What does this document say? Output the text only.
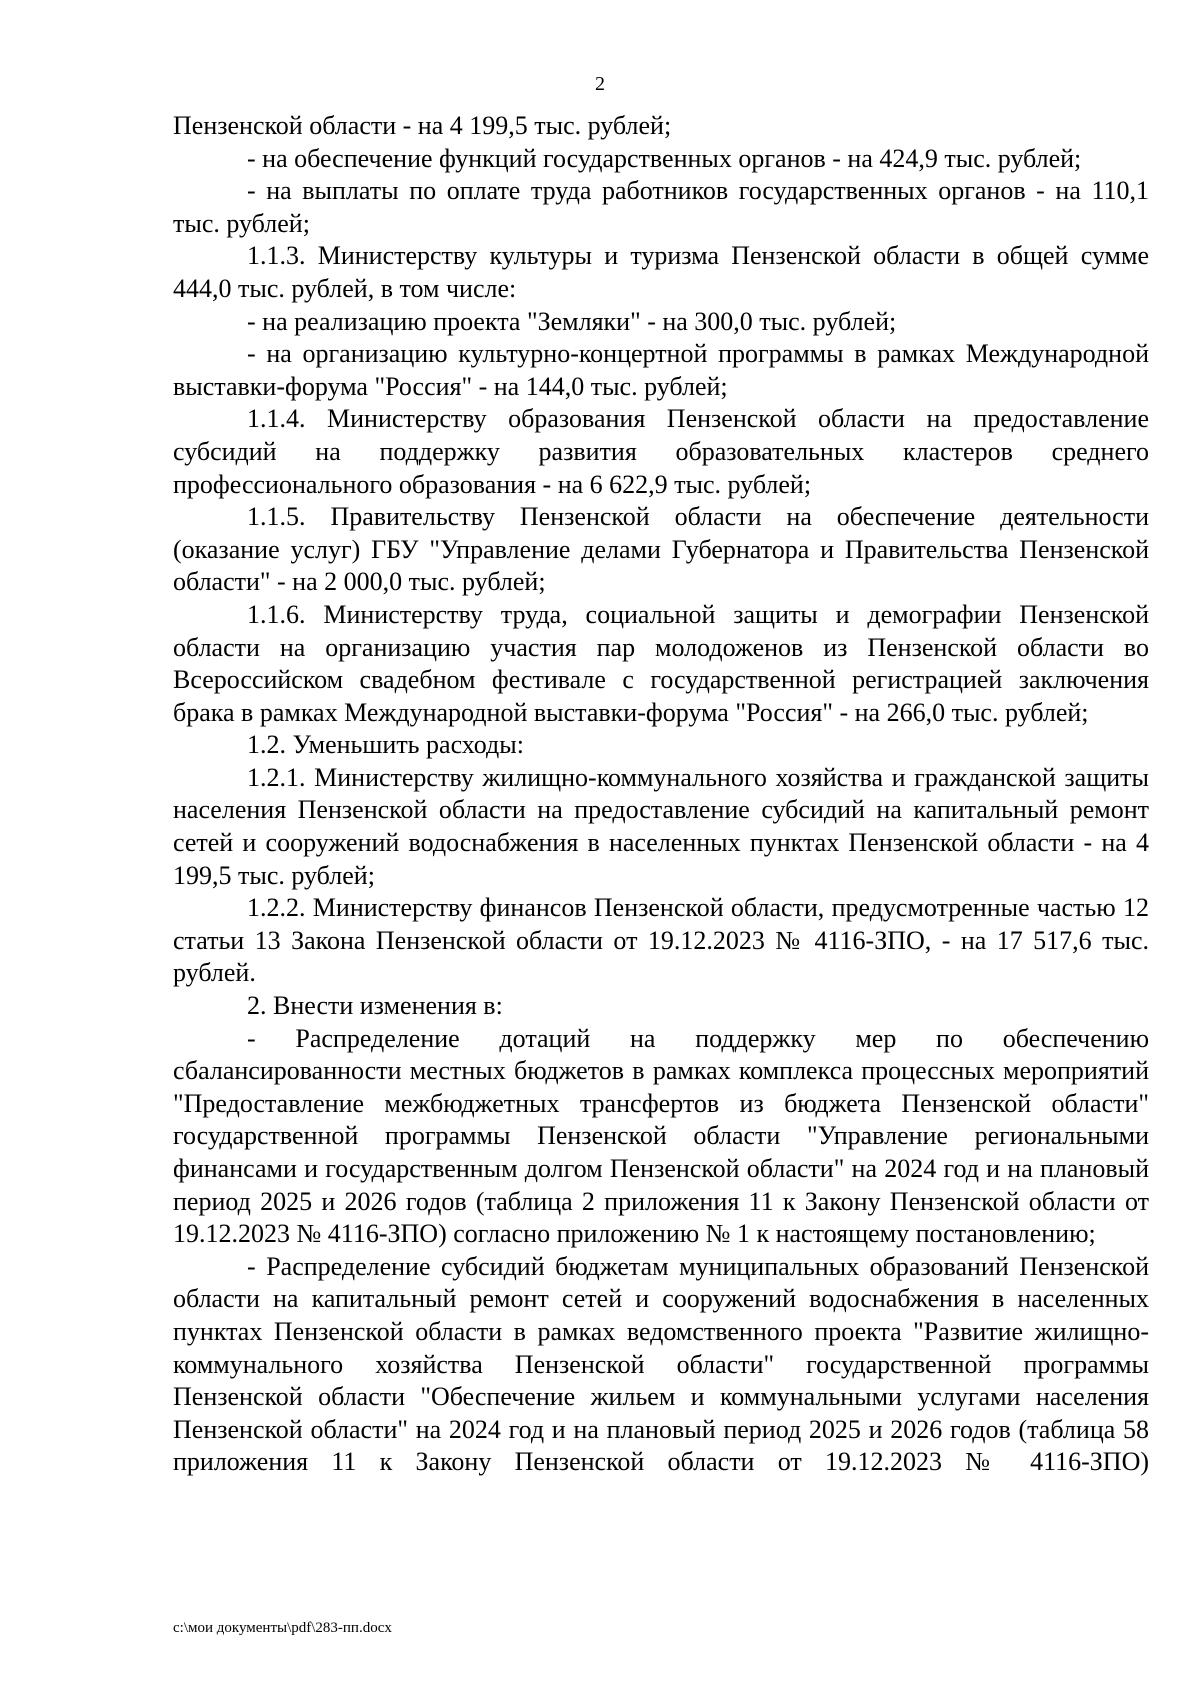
2

Пензенской области - на 4 199,5 тыс. рублей;

- на обеспечение функций государственных органов - на 424,9 тыс. рублей;

- на выплаты по оплате труда работников государственных органов - на 110,1 тыс. рублей;

1.1.3. Министерству культуры и туризма Пензенской области в общей сумме 444,0 тыс. рублей, в том числе:

- на реализацию проекта "Земляки" - на 300,0 тыс. рублей;

- на организацию культурно-концертной программы в рамках Международной выставки-форума "Россия" - на 144,0 тыс. рублей;

1.1.4. Министерству образования Пензенской области на предоставление субсидий на поддержку развития образовательных кластеров среднего профессионального образования - на 6 622,9 тыс. рублей;

1.1.5. Правительству Пензенской области на обеспечение деятельности (оказание услуг) ГБУ "Управление делами Губернатора и Правительства Пензенской области" - на 2 000,0 тыс. рублей;

1.1.6. Министерству труда, социальной защиты и демографии Пензенской области на организацию участия пар молодоженов из Пензенской области во Всероссийском свадебном фестивале с государственной регистрацией заключения брака в рамках Международной выставки-форума "Россия" - на 266,0 тыс. рублей;

1.2. Уменьшить расходы:

1.2.1. Министерству жилищно-коммунального хозяйства и гражданской защиты населения Пензенской области на предоставление субсидий на капитальный ремонт сетей и сооружений водоснабжения в населенных пунктах Пензенской области - на 4 199,5 тыс. рублей;

1.2.2. Министерству финансов Пензенской области, предусмотренные частью 12 статьи 13 Закона Пензенской области от 19.12.2023 № 4116-ЗПО, - на 17 517,6 тыс. рублей.

2. Внести изменения в:

- Распределение дотаций на поддержку мер по обеспечению сбалансированности местных бюджетов в рамках комплекса процессных мероприятий "Предоставление межбюджетных трансфертов из бюджета Пензенской области" государственной программы Пензенской области "Управление региональными финансами и государственным долгом Пензенской области" на 2024 год и на плановый период 2025 и 2026 годов (таблица 2 приложения 11 к Закону Пензенской области от 19.12.2023 № 4116-ЗПО) согласно приложению № 1 к настоящему постановлению;

- Распределение субсидий бюджетам муниципальных образований Пензенской области на капитальный ремонт сетей и сооружений водоснабжения в населенных пунктах Пензенской области в рамках ведомственного проекта "Развитие жилищно-коммунального хозяйства Пензенской области" государственной программы Пензенской области "Обеспечение жильем и коммунальными услугами населения Пензенской области" на 2024 год и на плановый период 2025 и 2026 годов (таблица 58 приложения 11 к Закону Пензенской области от 19.12.2023 № 4116-ЗПО)

c:\мои документы\pdf\283-пп.docx
